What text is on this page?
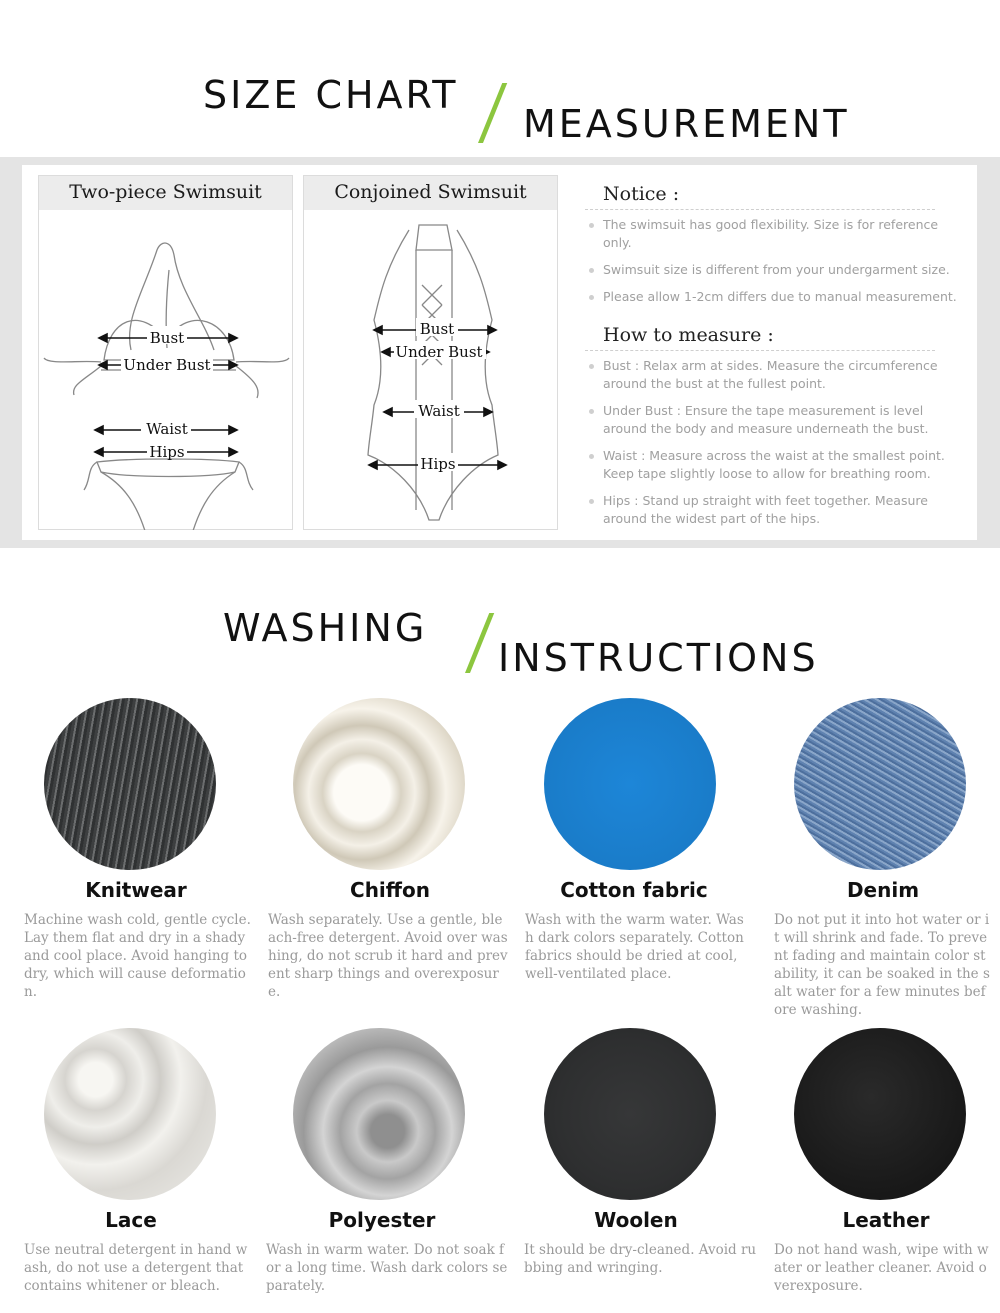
SIZE CHART
MEASUREMENT
Two-piece Swimsuit
Bust
Under Bust
Waist
Hips
Conjoined Swimsuit
Bust
Under Bust
Waist
Hips
Notice :
The swimsuit has good flexibility. Size is for reference only.
Swimsuit size is different from your undergarment size.
Please allow 1-2cm differs due to manual measurement.
How to measure :
Bust : Relax arm at sides. Measure the circumference around the bust at the fullest point.
Under Bust : Ensure the tape measurement is level around the body and measure underneath the bust.
Waist : Measure across the waist at the smallest point. Keep tape slightly loose to allow for breathing room.
Hips : Stand up straight with feet together. Measure around the widest part of the hips.
WASHING
INSTRUCTIONS
Knitwear
Machine wash cold, gentle cycle. Lay them flat and dry in a shady and cool place. Avoid hanging to dry, which will cause deformation.
Chiffon
Wash separately. Use a gentle, bleach-free detergent. Avoid over washing, do not scrub it hard and prevent sharp things and overexposure.
Cotton fabric
Wash with the warm water. Wash dark colors separately. Cotton fabrics should be dried at cool, well-ventilated place.
Denim
Do not put it into hot water or it will shrink and fade. To prevent fading and maintain color stability, it can be soaked in the salt water for a few minutes before washing.
Lace
Use neutral detergent in hand wash, do not use a detergent that contains whitener or bleach.
Polyester
Wash in warm water. Do not soak for a long time. Wash dark colors separately.
Woolen
It should be dry-cleaned. Avoid rubbing and wringing.
Leather
Do not hand wash, wipe with water or leather cleaner. Avoid overexposure.
